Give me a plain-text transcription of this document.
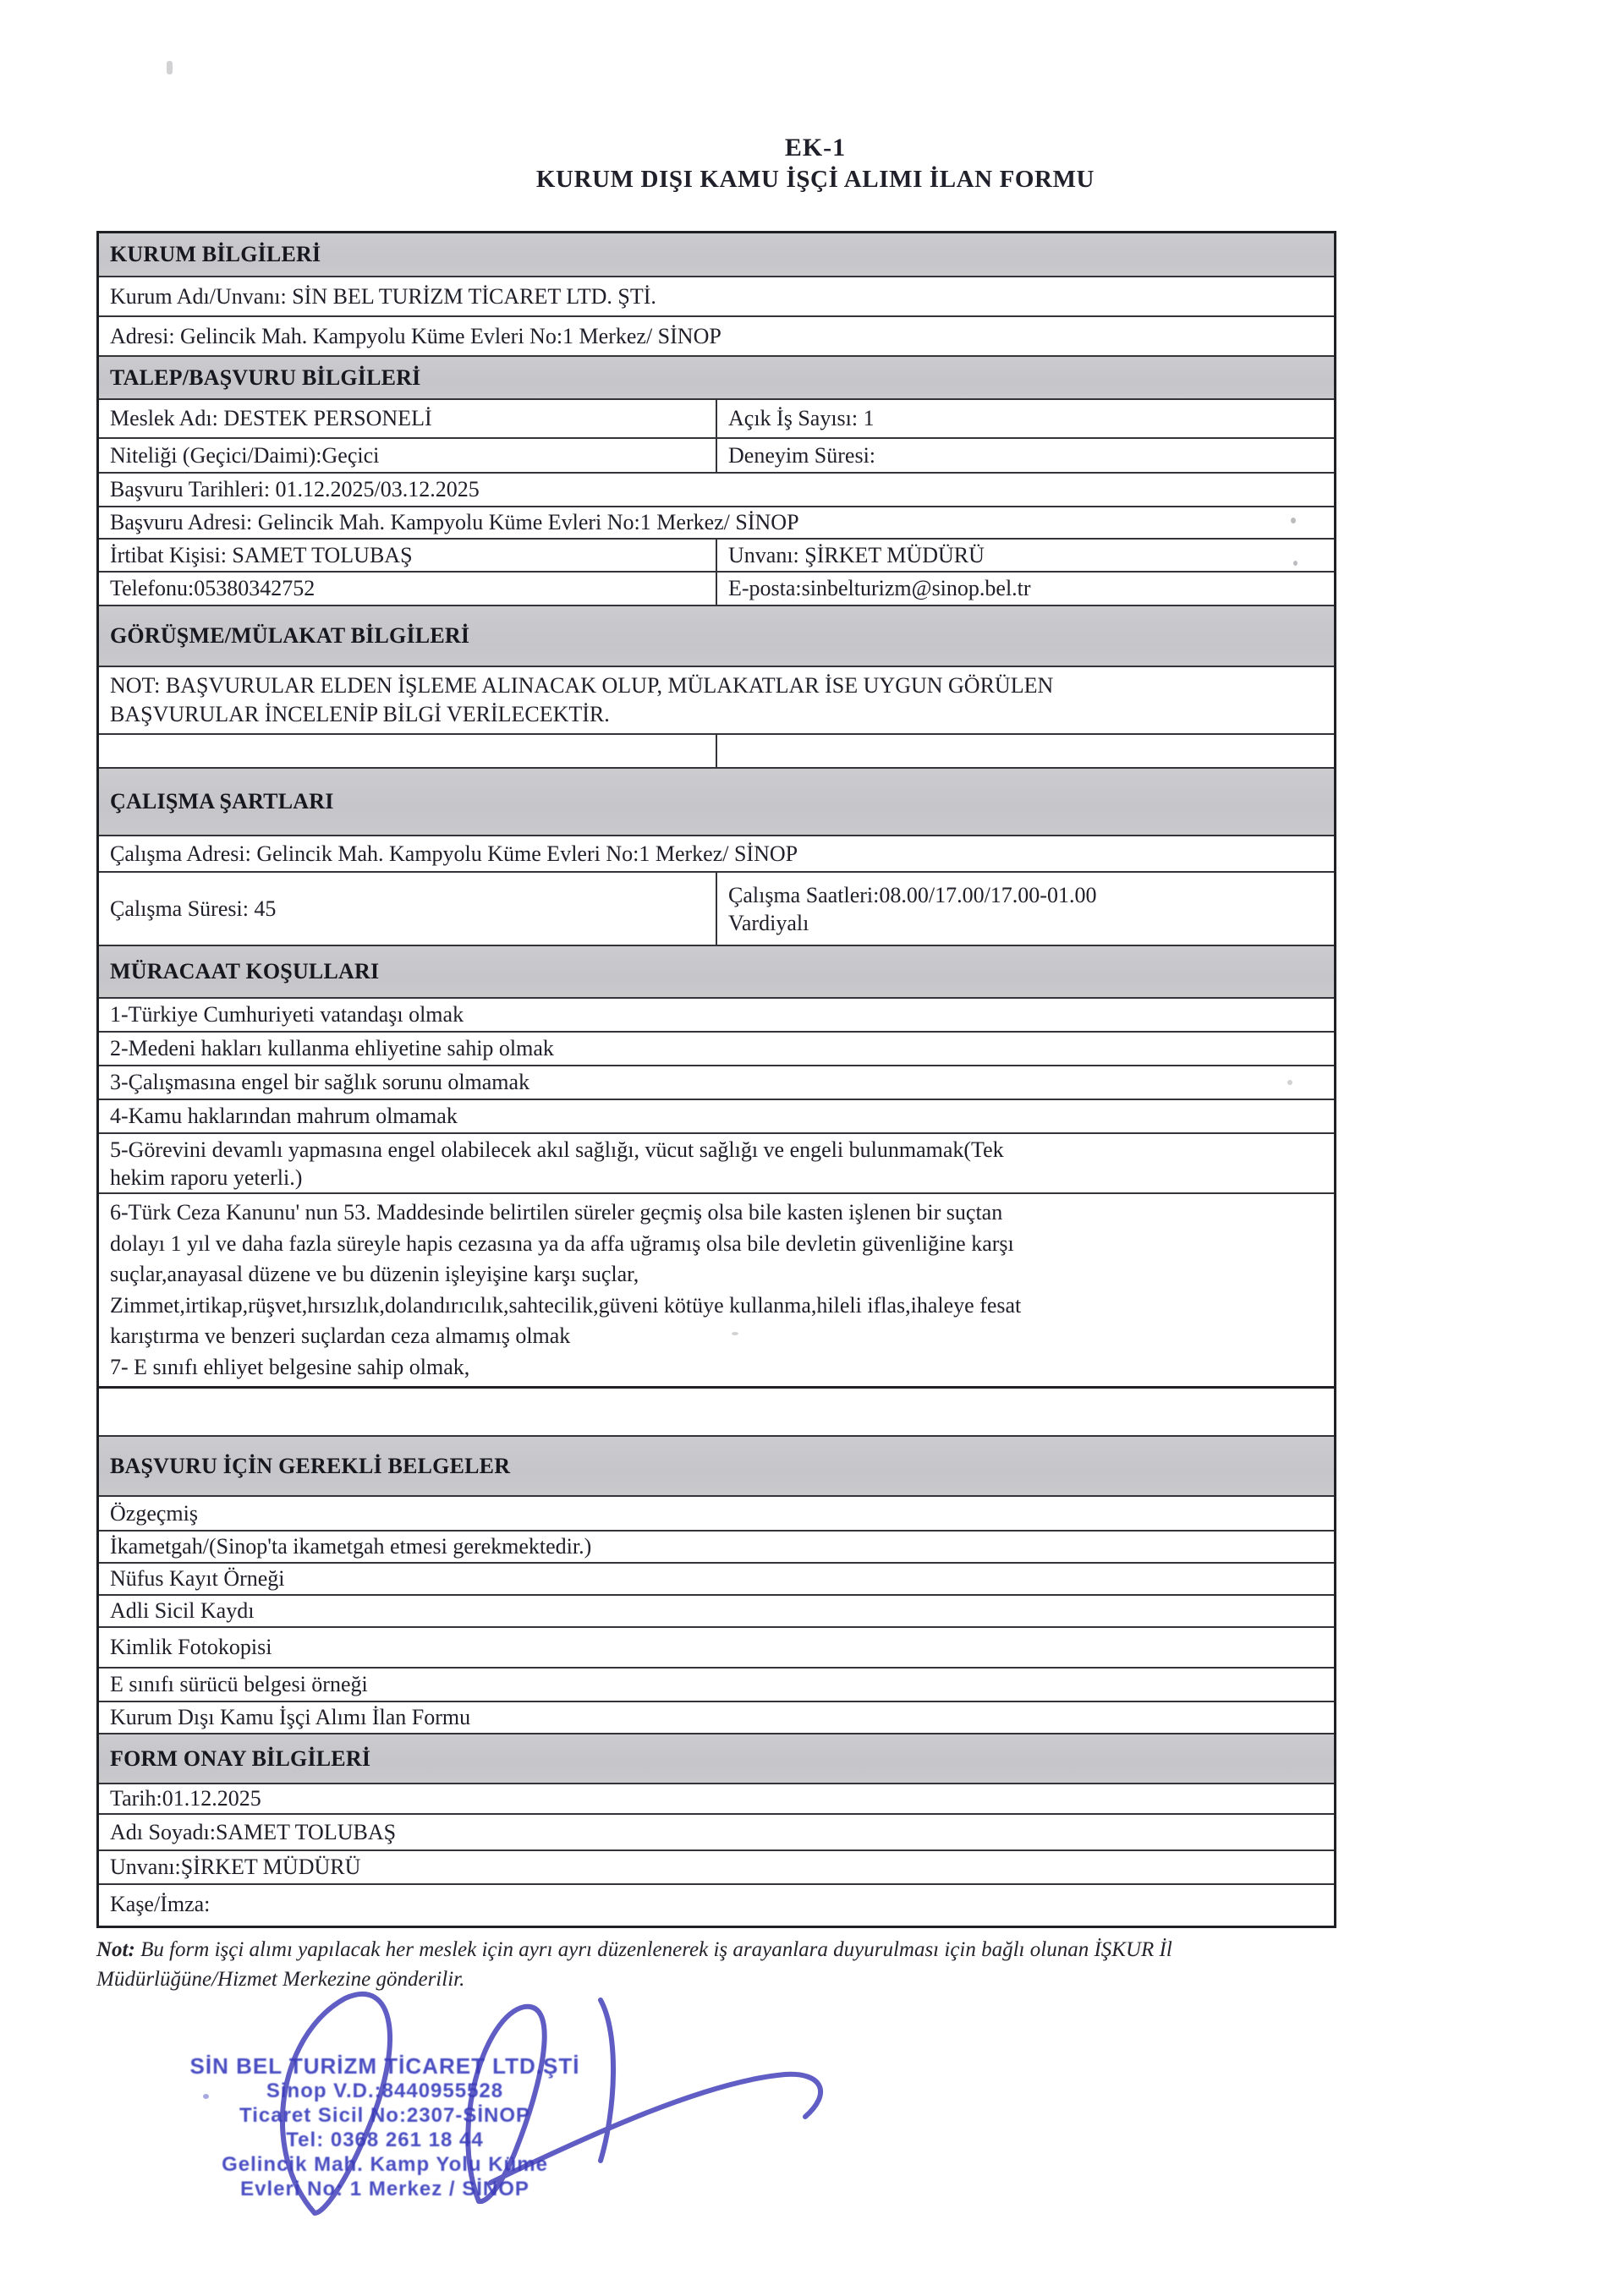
EK-1
KURUM DIŞI KAMU İŞÇİ ALIMI İLAN FORMU
KURUM BİLGİLERİ
Kurum Adı/Unvanı: SİN BEL TURİZM TİCARET LTD. ŞTİ.
Adresi: Gelincik Mah. Kampyolu Küme Evleri No:1 Merkez/ SİNOP
TALEP/BAŞVURU BİLGİLERİ
Meslek Adı: DESTEK PERSONELİ	Açık İş Sayısı: 1
Niteliği (Geçici/Daimi):Geçici	Deneyim Süresi:
Başvuru Tarihleri: 01.12.2025/03.12.2025
Başvuru Adresi: Gelincik Mah. Kampyolu Küme Evleri No:1 Merkez/ SİNOP
İrtibat Kişisi: SAMET TOLUBAŞ	Unvanı: ŞİRKET MÜDÜRÜ
Telefonu:05380342752	E-posta:sinbelturizm@sinop.bel.tr
GÖRÜŞME/MÜLAKAT BİLGİLERİ
NOT: BAŞVURULAR ELDEN İŞLEME ALINACAK OLUP, MÜLAKATLAR İSE UYGUN GÖRÜLEN
BAŞVURULAR İNCELENİP BİLGİ VERİLECEKTİR.
ÇALIŞMA ŞARTLARI
Çalışma Adresi: Gelincik Mah. Kampyolu Küme Evleri No:1 Merkez/ SİNOP
Çalışma Süresi: 45
Çalışma Saatleri:08.00/17.00/17.00-01.00
Vardiyalı
MÜRACAAT KOŞULLARI
1-Türkiye Cumhuriyeti vatandaşı olmak
2-Medeni hakları kullanma ehliyetine sahip olmak
3-Çalışmasına engel bir sağlık sorunu olmamak
4-Kamu haklarından mahrum olmamak
5-Görevini devamlı yapmasına engel olabilecek akıl sağlığı, vücut sağlığı ve engeli bulunmamak(Tek
hekim raporu yeterli.)
6-Türk Ceza Kanunu' nun 53. Maddesinde belirtilen süreler geçmiş olsa bile kasten işlenen bir suçtan
dolayı 1 yıl ve daha fazla süreyle hapis cezasına ya da affa uğramış olsa bile devletin güvenliğine karşı
suçlar,anayasal düzene ve bu düzenin işleyişine karşı suçlar,
Zimmet,irtikap,rüşvet,hırsızlık,dolandırıcılık,sahtecilik,güveni kötüye kullanma,hileli iflas,ihaleye fesat
karıştırma ve benzeri suçlardan ceza almamış olmak
7- E sınıfı ehliyet belgesine sahip olmak,
BAŞVURU İÇİN GEREKLİ BELGELER
Özgeçmiş
İkametgah/(Sinop'ta ikametgah etmesi gerekmektedir.)
Nüfus Kayıt Örneği
Adli Sicil Kaydı
Kimlik Fotokopisi
E sınıfı sürücü belgesi örneği
Kurum Dışı Kamu İşçi Alımı İlan Formu
FORM ONAY BİLGİLERİ
Tarih:01.12.2025
Adı Soyadı:SAMET TOLUBAŞ
Unvanı:ŞİRKET MÜDÜRÜ
Kaşe/İmza:
Not: Bu form işçi alımı yapılacak her meslek için ayrı ayrı düzenlenerek iş arayanlara duyurulması için bağlı olunan İŞKUR İl
Müdürlüğüne/Hizmet Merkezine gönderilir.
SİN BEL TURİZM TİCARET LTD.ŞTİ
Sinop V.D.:8440955528
Ticaret Sicil No:2307-SİNOP
Tel: 0368 261 18 44
Gelincik Mah. Kamp Yolu Küme
Evleri No: 1 Merkez / SİNOP
